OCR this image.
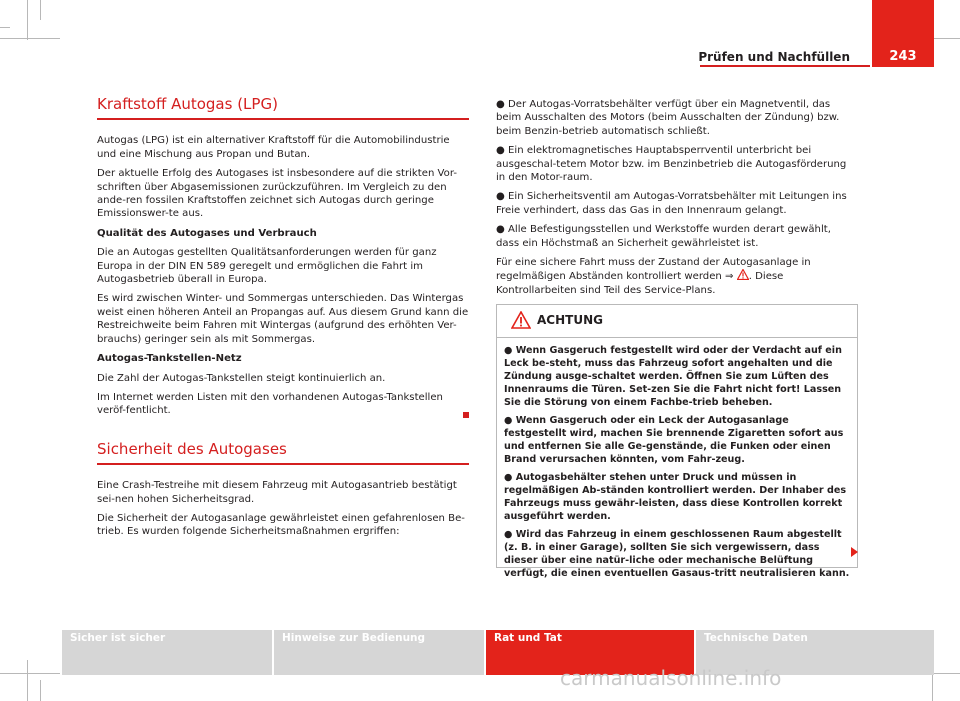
Prüfen und Nachfüllen	243
Kraftstoff Autogas (LPG)

Autogas (LPG) ist ein alternativer Kraftstoff für die Automobilindustrie und eine Mischung aus Propan und Butan.

Der aktuelle Erfolg des Autogases ist insbesondere auf die strikten Vor-schriften über Abgasemissionen zurückzuführen. Im Vergleich zu den ande-ren fossilen Kraftstoffen zeichnet sich Autogas durch geringe Emissionswer-te aus.

Qualität des Autogases und Verbrauch

Die an Autogas gestellten Qualitätsanforderungen werden für ganz Europa in der DIN EN 589 geregelt und ermöglichen die Fahrt im Autogasbetrieb überall in Europa.

Es wird zwischen Winter- und Sommergas unterschieden. Das Wintergas weist einen höheren Anteil an Propangas auf. Aus diesem Grund kann die Restreichweite beim Fahren mit Wintergas (aufgrund des erhöhten Ver-brauchs) geringer sein als mit Sommergas.

Autogas-Tankstellen-Netz

Die Zahl der Autogas-Tankstellen steigt kontinuierlich an.

Im Internet werden Listen mit den vorhandenen Autogas-Tankstellen veröf-fentlicht.

Sicherheit des Autogases

Eine Crash-Testreihe mit diesem Fahrzeug mit Autogasantrieb bestätigt sei-nen hohen Sicherheitsgrad.

Die Sicherheit der Autogasanlage gewährleistet einen gefahrenlosen Be-trieb. Es wurden folgende Sicherheitsmaßnahmen ergriffen:

● Der Autogas-Vorratsbehälter verfügt über ein Magnetventil, das beim Ausschalten des Motors (beim Ausschalten der Zündung) bzw. beim Benzin-betrieb automatisch schließt.

● Ein elektromagnetisches Hauptabsperrventil unterbricht bei ausgeschal-tetem Motor bzw. im Benzinbetrieb die Autogasförderung in den Motor-raum.

● Ein Sicherheitsventil am Autogas-Vorratsbehälter mit Leitungen ins Freie verhindert, dass das Gas in den Innenraum gelangt.

● Alle Befestigungsstellen und Werkstoffe wurden derart gewählt, dass ein Höchstmaß an Sicherheit gewährleistet ist.

Für eine sichere Fahrt muss der Zustand der Autogasanlage in regelmäßigen Abständen kontrolliert werden ⇒ . Diese Kontrollarbeiten sind Teil des Service-Plans.

ACHTUNG

● Wenn Gasgeruch festgestellt wird oder der Verdacht auf ein Leck be-steht, muss das Fahrzeug sofort angehalten und die Zündung ausge-schaltet werden. Öffnen Sie zum Lüften des Innenraums die Türen. Set-zen Sie die Fahrt nicht fort! Lassen Sie die Störung von einem Fachbe-trieb beheben.

● Wenn Gasgeruch oder ein Leck der Autogasanlage festgestellt wird, machen Sie brennende Zigaretten sofort aus und entfernen Sie alle Ge-genstände, die Funken oder einen Brand verursachen könnten, vom Fahr-zeug.

● Autogasbehälter stehen unter Druck und müssen in regelmäßigen Ab-ständen kontrolliert werden. Der Inhaber des Fahrzeugs muss gewähr-leisten, dass diese Kontrollen korrekt ausgeführt werden.

● Wird das Fahrzeug in einem geschlossenen Raum abgestellt (z. B. in einer Garage), sollten Sie sich vergewissern, dass dieser über eine natür-liche oder mechanische Belüftung verfügt, die einen eventuellen Gasaus-tritt neutralisieren kann.

Sicher ist sicher	Hinweise zur Bedienung	Rat und Tat	Technische Daten
carmanualsonline.info
